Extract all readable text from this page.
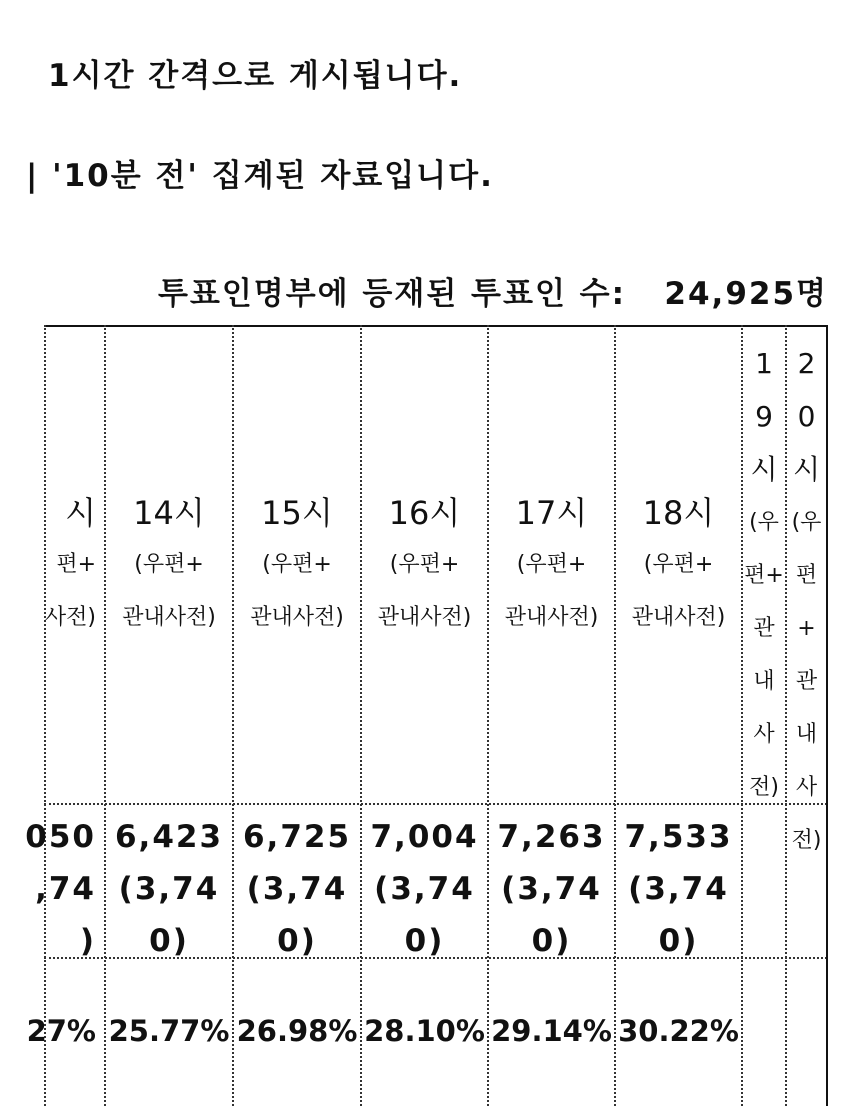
1시간 간격으로 게시됩니다.
| '10분 전' 집계된 자료입니다.
투표인명부에 등재된 투표인 수: 24,925명
시
편+
사전)
050
,74
)
27%
14시
(우편+
관내사전)
6,423
(3,74
0)
25.77%
15시
(우편+
관내사전)
6,725
(3,74
0)
26.98%
16시
(우편+
관내사전)
7,004
(3,74
0)
28.10%
17시
(우편+
관내사전)
7,263
(3,74
0)
29.14%
18시
(우편+
관내사전)
7,533
(3,74
0)
30.22%
1
9
시
(우
편+
관
내
사
전)
2
0
시
(우
편+
관
내
사
전)
